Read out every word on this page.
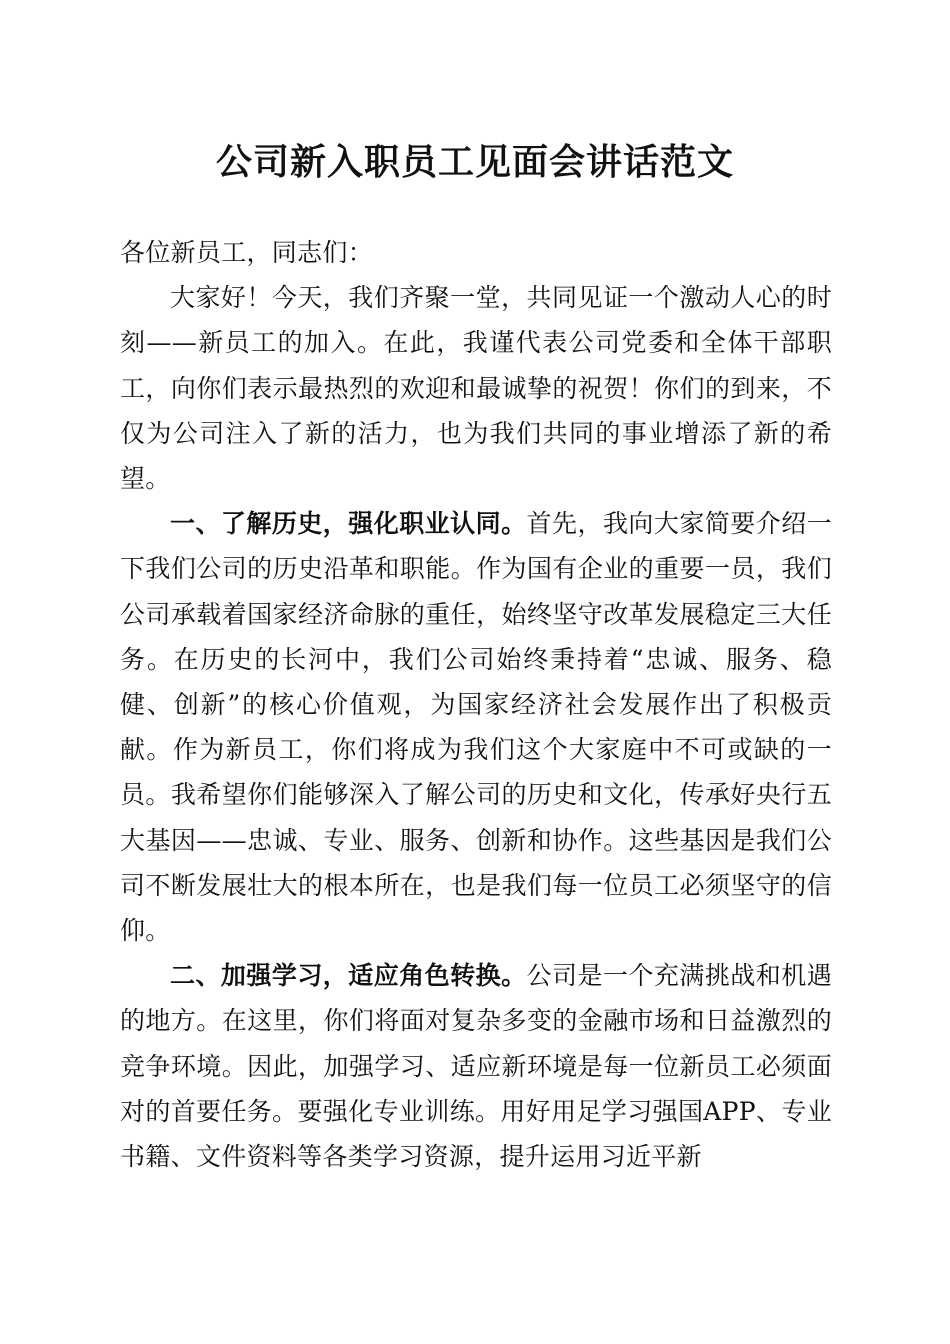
公司新入职员工见面会讲话范文

各位新员工，同志们：

大家好！今天，我们齐聚一堂，共同见证一个激动人心的时刻——新员工的加入。在此，我谨代表公司党委和全体干部职工，向你们表示最热烈的欢迎和最诚挚的祝贺！你们的到来，不仅为公司注入了新的活力，也为我们共同的事业增添了新的希望。

一、了解历史，强化职业认同。首先，我向大家简要介绍一下我们公司的历史沿革和职能。作为国有企业的重要一员，我们公司承载着国家经济命脉的重任，始终坚守改革发展稳定三大任务。在历史的长河中，我们公司始终秉持着“忠诚、服务、稳健、创新”的核心价值观，为国家经济社会发展作出了积极贡献。作为新员工，你们将成为我们这个大家庭中不可或缺的一员。我希望你们能够深入了解公司的历史和文化，传承好央行五大基因——忠诚、专业、服务、创新和协作。这些基因是我们公司不断发展壮大的根本所在，也是我们每一位员工必须坚守的信仰。

二、加强学习，适应角色转换。公司是一个充满挑战和机遇的地方。在这里，你们将面对复杂多变的金融市场和日益激烈的竞争环境。因此，加强学习、适应新环境是每一位新员工必须面对的首要任务。要强化专业训练。用好用足学习强国APP、专业书籍、文件资料等各类学习资源，提升运用习近平新
